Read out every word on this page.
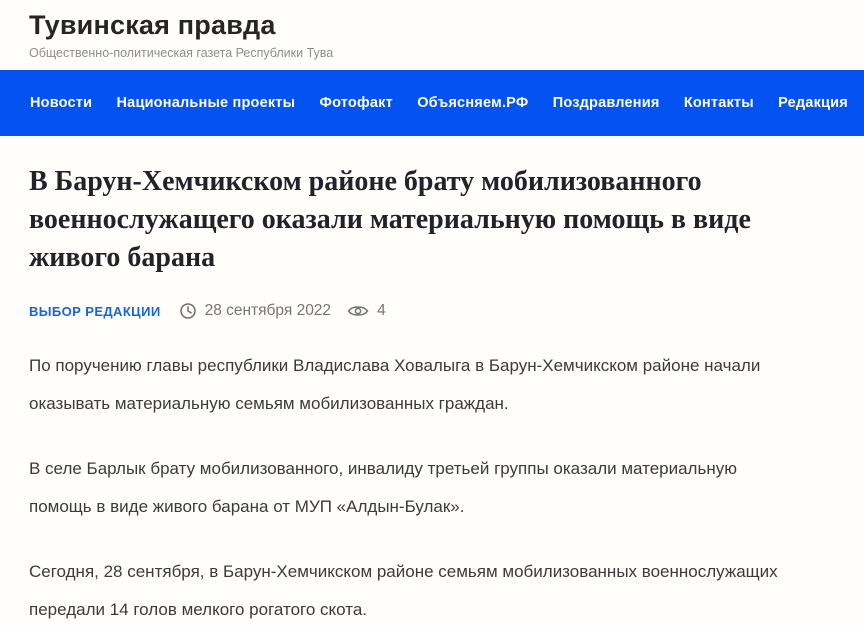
Тувинская правда
Общественно-политическая газета Республики Тува
Новости Национальные проекты Фотофакт Объясняем.РФ Поздравления Контакты Редакция
В Барун-Хемчикском районе брату мобилизованного военнослужащего оказали материальную помощь в виде живого барана
ВЫБОР РЕДАКЦИИ	28 сентября 2022	4

По поручению главы республики Владислава Ховалыга в Барун-Хемчикском районе начали оказывать материальную семьям мобилизованных граждан.

В селе Барлык брату мобилизованного, инвалиду третьей группы оказали материальную помощь в виде живого барана от МУП «Алдын-Булак».

Сегодня, 28 сентября, в Барун-Хемчикском районе семьям мобилизованных военнослужащих передали 14 голов мелкого рогатого скота.
